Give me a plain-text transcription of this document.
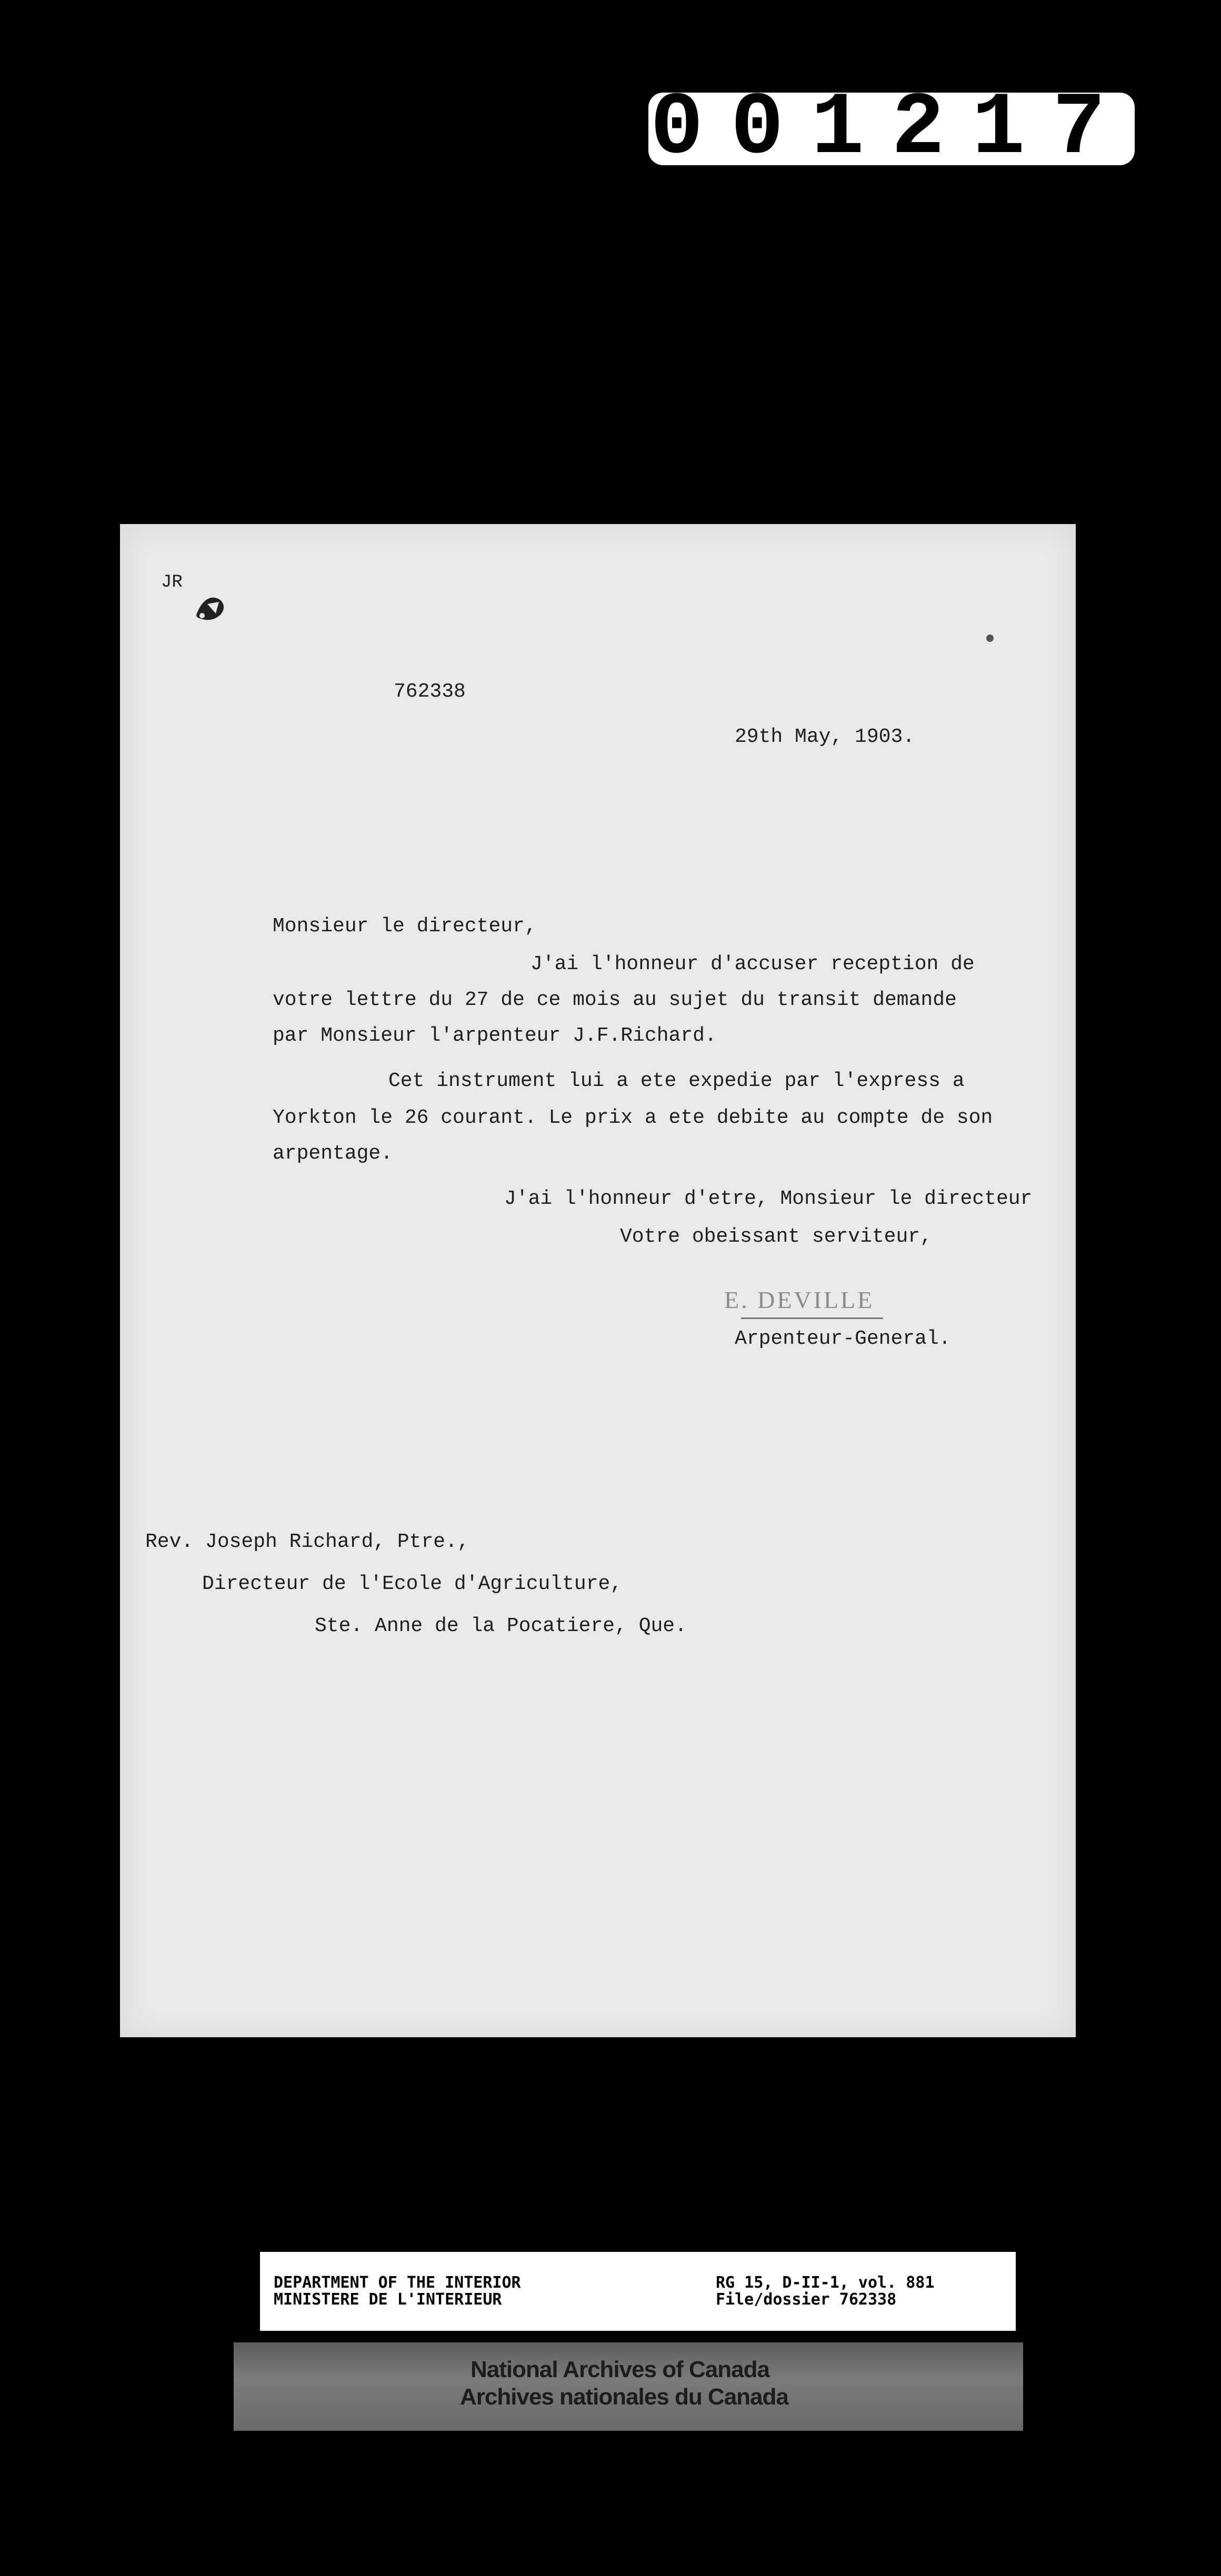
001217
JR
762338
29th May, 1903.
Monsieur le directeur,
J'ai l'honneur d'accuser reception de
votre lettre du 27 de ce mois au sujet du transit demande
par Monsieur l'arpenteur J.F.Richard.
Cet instrument lui a ete expedie par l'express a
Yorkton le 26 courant. Le prix a ete debite au compte de son
arpentage.
J'ai l'honneur d'etre, Monsieur le directeur
Votre obeissant serviteur,
E. DEVILLE
Arpenteur-General.
Rev. Joseph Richard, Ptre.,
Directeur de l'Ecole d'Agriculture,
Ste. Anne de la Pocatiere, Que.
DEPARTMENT OF THE INTERIOR
MINISTERE DE L'INTERIEUR
RG 15, D-II-1, vol. 881
File/dossier 762338
National Archives of Canada
Archives nationales du Canada
